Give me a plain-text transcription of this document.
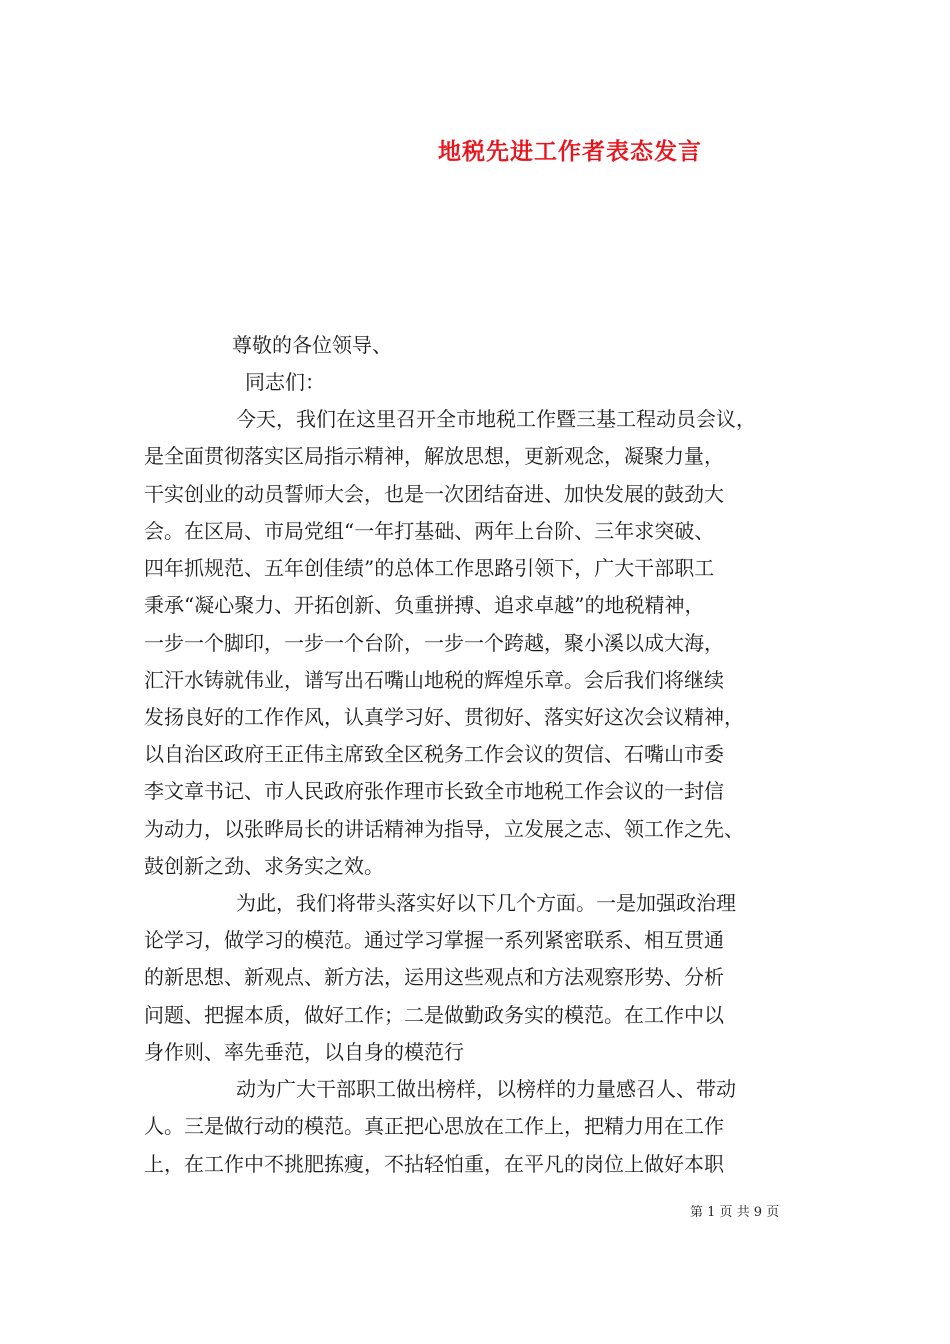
地税先进工作者表态发言
尊敬的各位领导、
同志们：
今天，我们在这里召开全市地税工作暨三基工程动员会议，
是全面贯彻落实区局指示精神，解放思想，更新观念，凝聚力量，
干实创业的动员誓师大会，也是一次团结奋进、加快发展的鼓劲大
会。在区局、市局党组“一年打基础、两年上台阶、三年求突破、
四年抓规范、五年创佳绩”的总体工作思路引领下，广大干部职工
秉承“凝心聚力、开拓创新、负重拼搏、追求卓越”的地税精神，
一步一个脚印，一步一个台阶，一步一个跨越，聚小溪以成大海，
汇汗水铸就伟业，谱写出石嘴山地税的辉煌乐章。会后我们将继续
发扬良好的工作作风，认真学习好、贯彻好、落实好这次会议精神，
以自治区政府王正伟主席致全区税务工作会议的贺信、石嘴山市委
李文章书记、市人民政府张作理市长致全市地税工作会议的一封信
为动力，以张晔局长的讲话精神为指导，立发展之志、领工作之先、
鼓创新之劲、求务实之效。
为此，我们将带头落实好以下几个方面。一是加强政治理
论学习，做学习的模范。通过学习掌握一系列紧密联系、相互贯通
的新思想、新观点、新方法，运用这些观点和方法观察形势、分析
问题、把握本质，做好工作；二是做勤政务实的模范。在工作中以
身作则、率先垂范，以自身的模范行
动为广大干部职工做出榜样，以榜样的力量感召人、带动
人。三是做行动的模范。真正把心思放在工作上，把精力用在工作
上，在工作中不挑肥拣瘦，不拈轻怕重，在平凡的岗位上做好本职
第 1 页 共 9 页
